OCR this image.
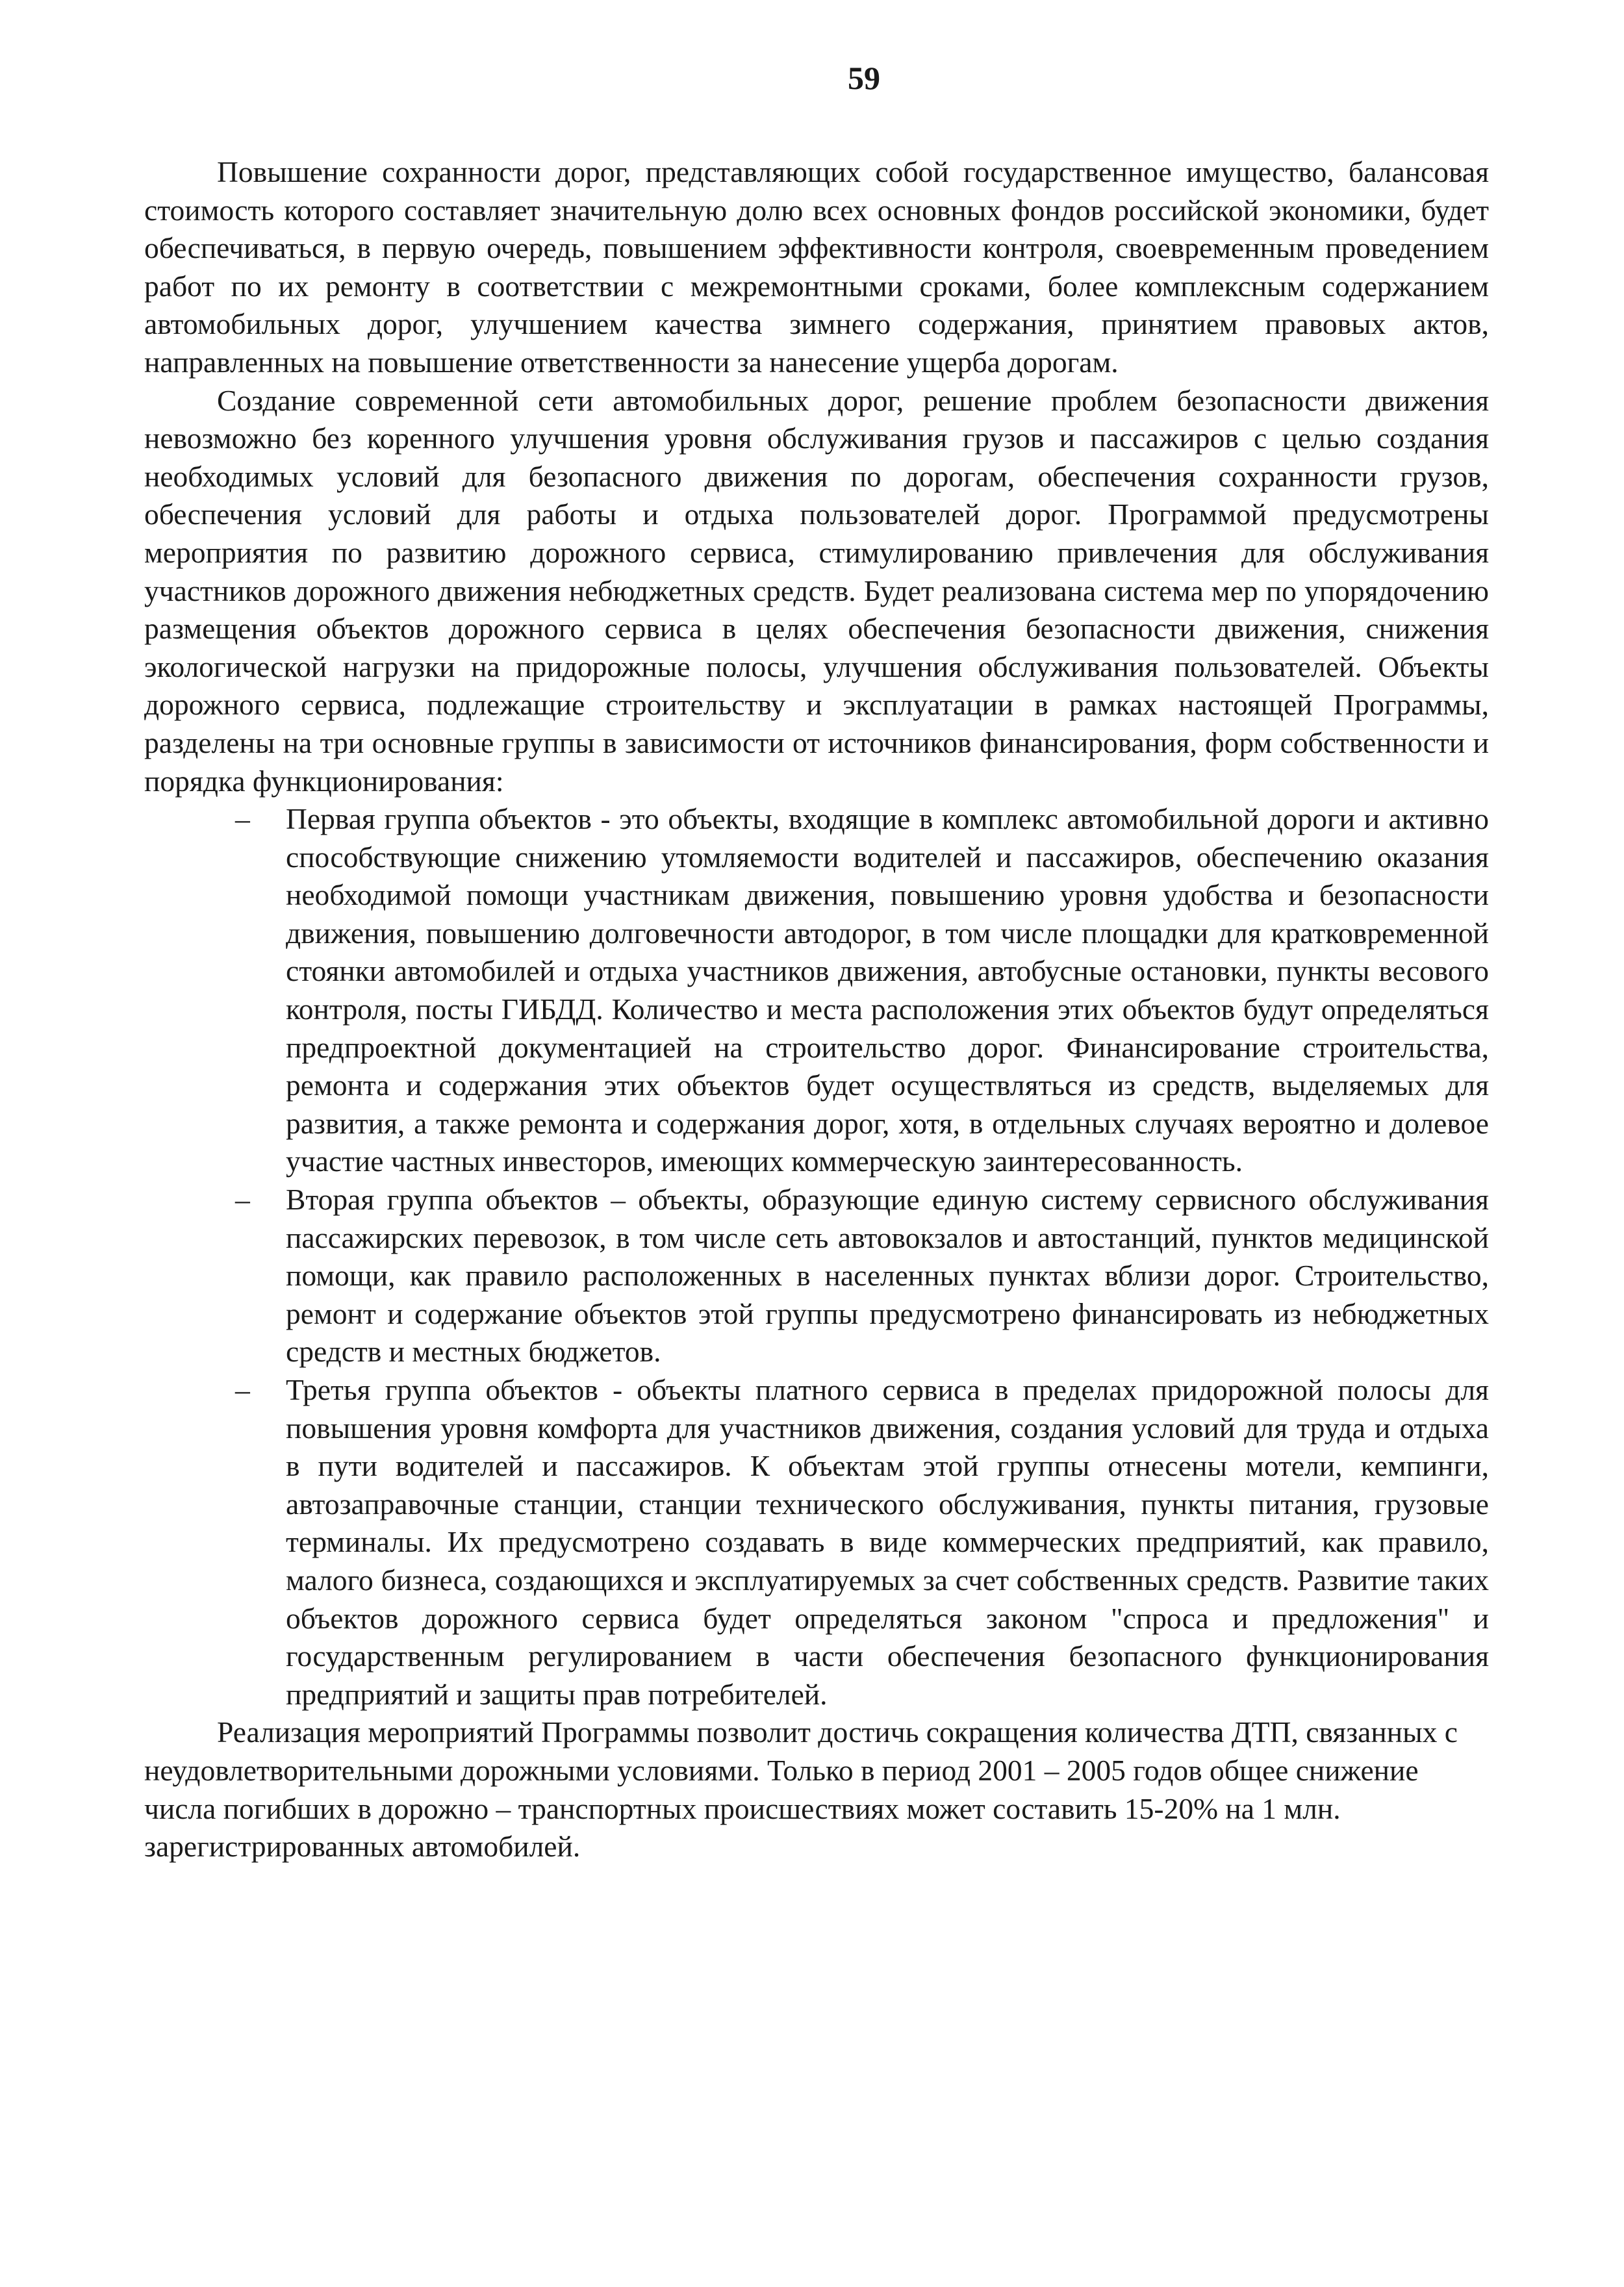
59

Повышение сохранности дорог, представляющих собой государственное имущество, балансовая стоимость которого составляет значительную долю всех основных фондов российской экономики, будет обеспечиваться, в первую очередь, повышением эффективности контроля, своевременным проведением работ по их ремонту в соответствии с межремонтными сроками, более комплексным содержанием автомобильных дорог, улучшением качества зимнего содержания, принятием правовых актов, направленных на повышение ответственности за нанесение ущерба дорогам.

Создание современной сети автомобильных дорог, решение проблем безопасности движения невозможно без коренного улучшения уровня обслуживания грузов и пассажиров с целью создания необходимых условий для безопасного движения по дорогам, обеспечения сохранности грузов, обеспечения условий для работы и отдыха пользователей дорог. Программой предусмотрены мероприятия по развитию дорожного сервиса, стимулированию привлечения для обслуживания участников дорожного движения небюджетных средств. Будет реализована система мер по упорядочению размещения объектов дорожного сервиса в целях обеспечения безопасности движения, снижения экологической нагрузки на придорожные полосы, улучшения обслуживания пользователей. Объекты дорожного сервиса, подлежащие строительству и эксплуатации в рамках настоящей Программы, разделены на три основные группы в зависимости от источников финансирования, форм собственности и порядка функционирования:

– Первая группа объектов - это объекты, входящие в комплекс автомобильной дороги и активно способствующие снижению утомляемости водителей и пассажиров, обеспечению оказания необходимой помощи участникам движения, повышению уровня удобства и безопасности движения, повышению долговечности автодорог, в том числе площадки для кратковременной стоянки автомобилей и отдыха участников движения, автобусные остановки, пункты весового контроля, посты ГИБДД. Количество и места расположения этих объектов будут определяться предпроектной документацией на строительство дорог. Финансирование строительства, ремонта и содержания этих объектов будет осуществляться из средств, выделяемых для развития, а также ремонта и содержания дорог, хотя, в отдельных случаях вероятно и долевое участие частных инвесторов, имеющих коммерческую заинтересованность.
– Вторая группа объектов – объекты, образующие единую систему сервисного обслуживания пассажирских перевозок, в том числе сеть автовокзалов и автостанций, пунктов медицинской помощи, как правило расположенных в населенных пунктах вблизи дорог. Строительство, ремонт и содержание объектов этой группы предусмотрено финансировать из небюджетных средств и местных бюджетов.
– Третья группа объектов - объекты платного сервиса в пределах придорожной полосы для повышения уровня комфорта для участников движения, создания условий для труда и отдыха в пути водителей и пассажиров. К объектам этой группы отнесены мотели, кемпинги, автозаправочные станции, станции технического обслуживания, пункты питания, грузовые терминалы. Их предусмотрено создавать в виде коммерческих предприятий, как правило, малого бизнеса, создающихся и эксплуатируемых за счет собственных средств. Развитие таких объектов дорожного сервиса будет определяться законом "спроса и предложения" и государственным регулированием в части обеспечения безопасного функционирования предприятий и защиты прав потребителей.

Реализация мероприятий Программы позволит достичь сокращения количества ДТП, связанных с неудовлетворительными дорожными условиями. Только в период 2001 – 2005 годов общее снижение числа погибших в дорожно – транспортных происшествиях может составить 15-20% на 1 млн. зарегистрированных автомобилей.
